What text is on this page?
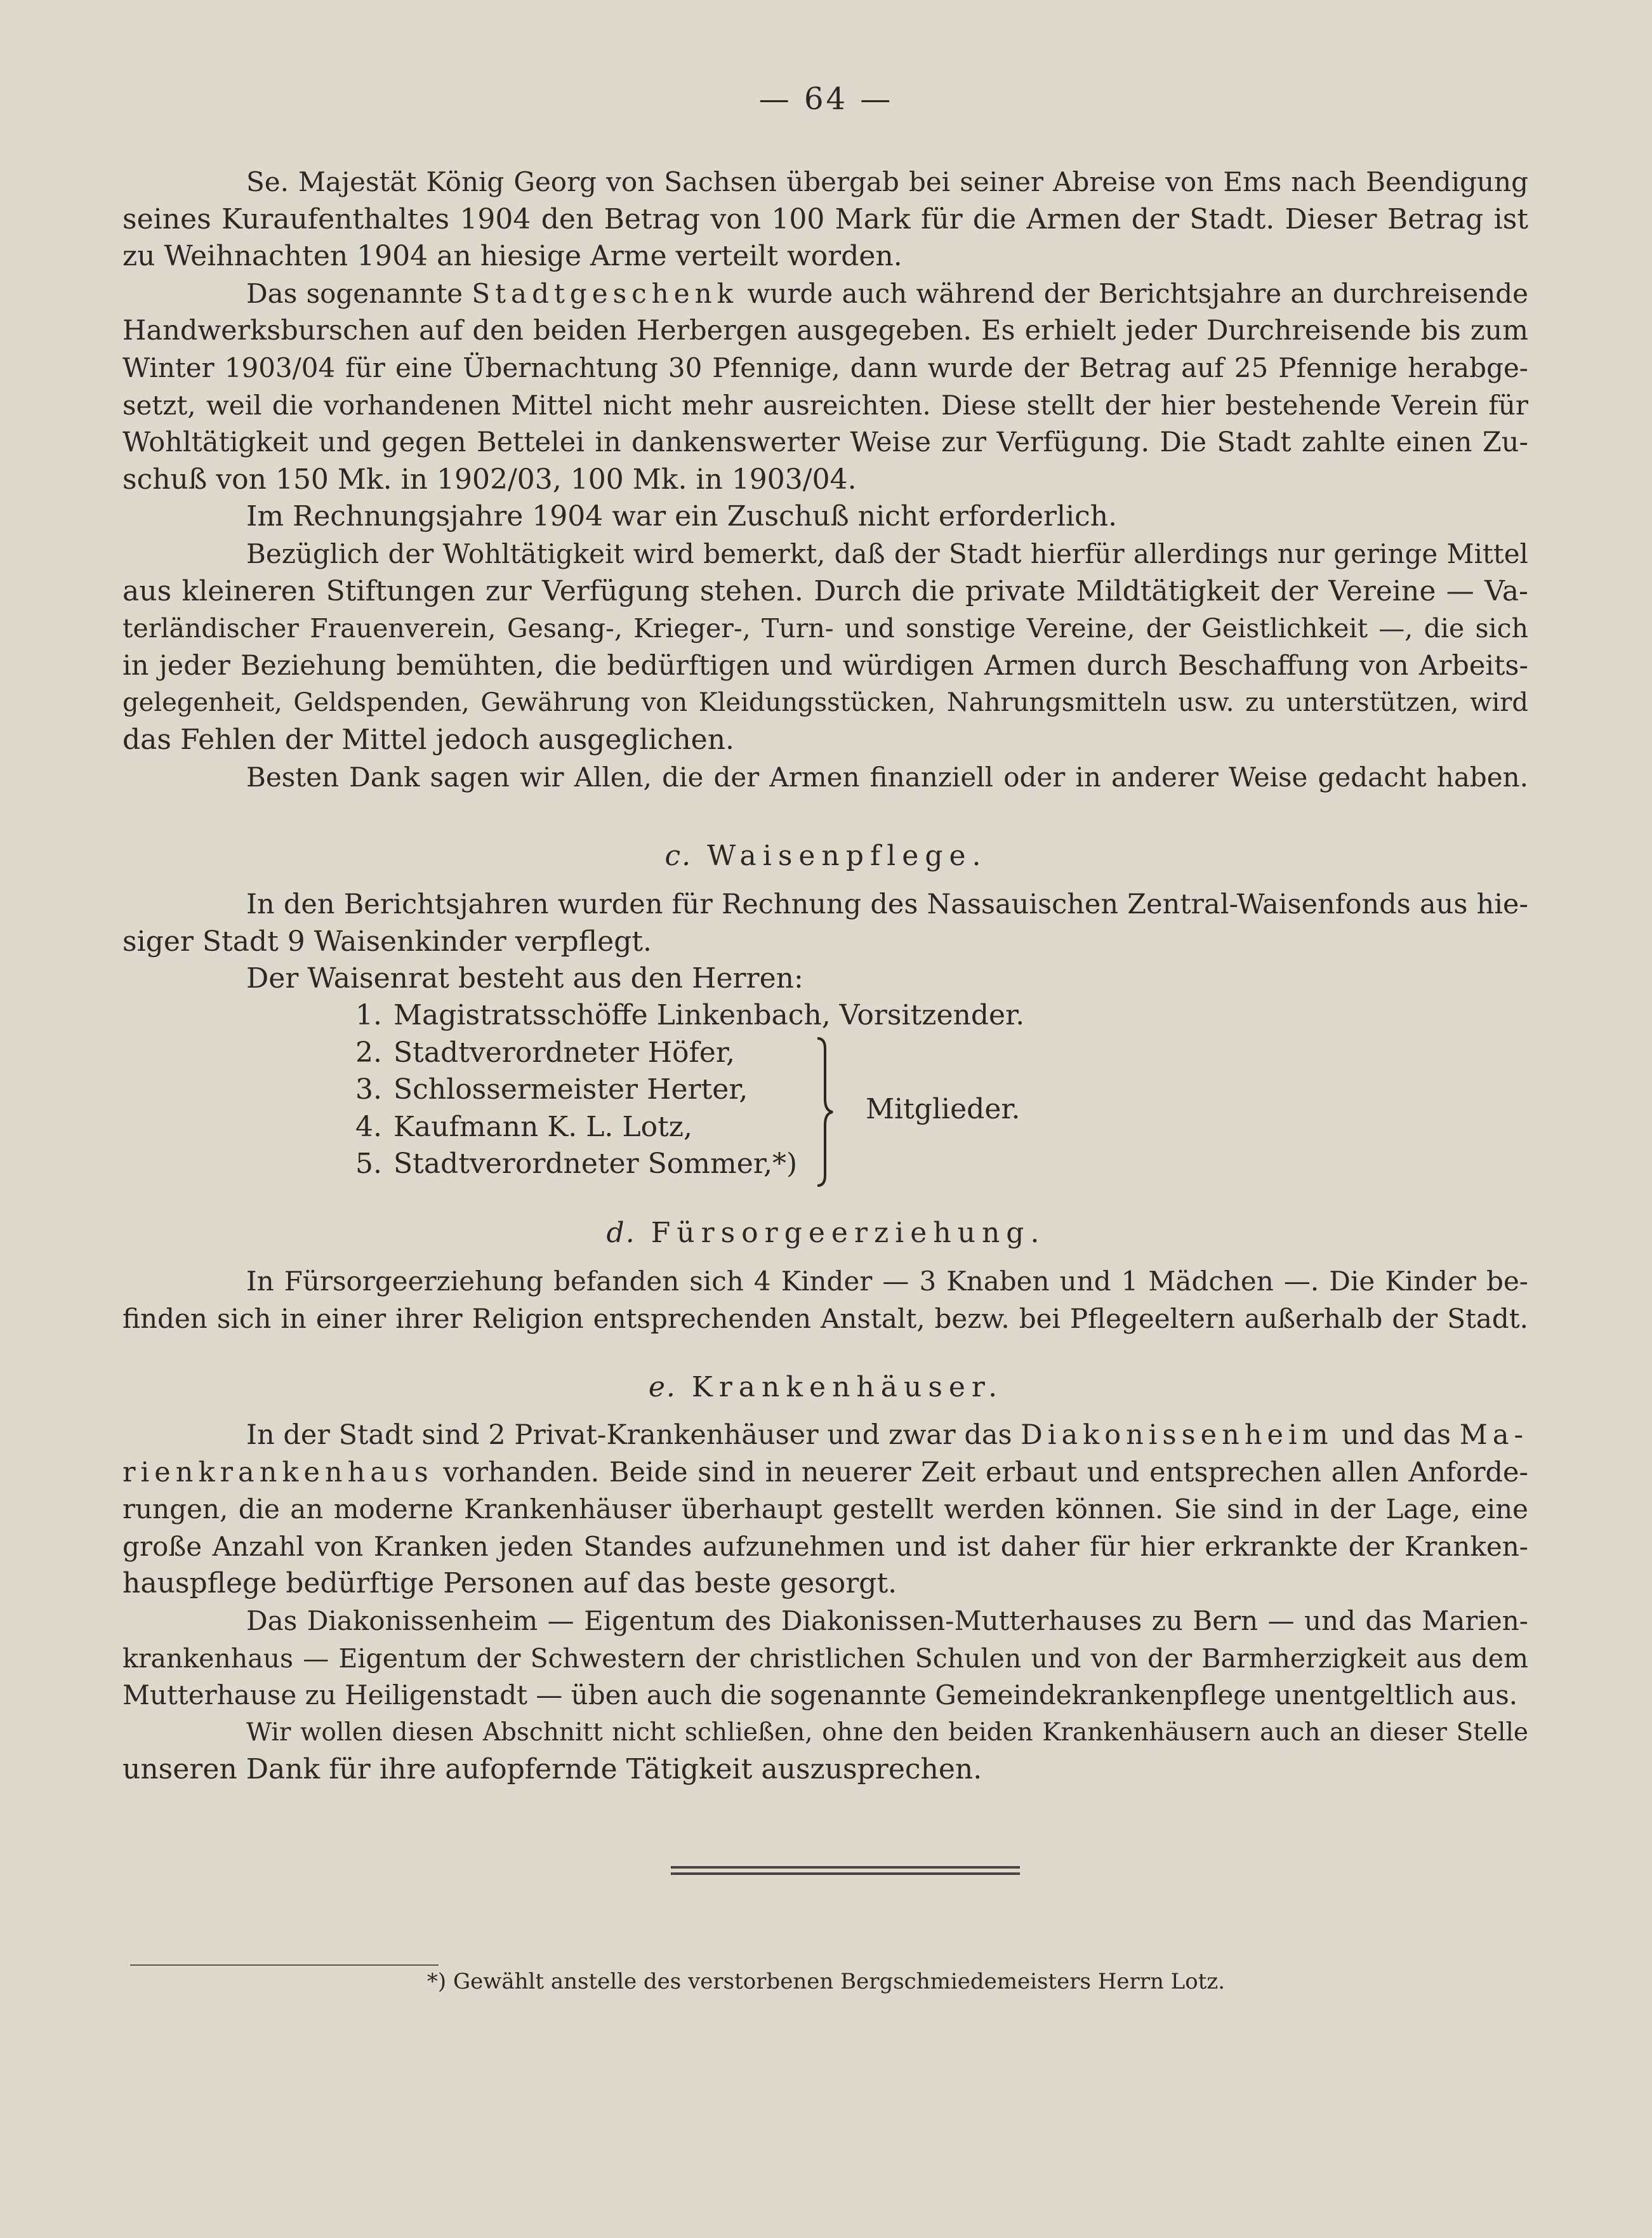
— 64 —
Se. Majestät König Georg von Sachsen übergab bei seiner Abreise von Ems nach Beendigung
seines Kuraufenthaltes 1904 den Betrag von 100 Mark für die Armen der Stadt. Dieser Betrag ist
zu Weihnachten 1904 an hiesige Arme verteilt worden.
Das sogenannte Stadtgeschenk wurde auch während der Berichtsjahre an durchreisende
Handwerksburschen auf den beiden Herbergen ausgegeben. Es erhielt jeder Durchreisende bis zum
Winter 1903/04 für eine Übernachtung 30 Pfennige, dann wurde der Betrag auf 25 Pfennige herabge-
setzt, weil die vorhandenen Mittel nicht mehr ausreichten. Diese stellt der hier bestehende Verein für
Wohltätigkeit und gegen Bettelei in dankenswerter Weise zur Verfügung. Die Stadt zahlte einen Zu-
schuß von 150 Mk. in 1902/03, 100 Mk. in 1903/04.
Im Rechnungsjahre 1904 war ein Zuschuß nicht erforderlich.
Bezüglich der Wohltätigkeit wird bemerkt, daß der Stadt hierfür allerdings nur geringe Mittel
aus kleineren Stiftungen zur Verfügung stehen. Durch die private Mildtätigkeit der Vereine — Va-
terländischer Frauenverein, Gesang-, Krieger-, Turn- und sonstige Vereine, der Geistlichkeit —, die sich
in jeder Beziehung bemühten, die bedürftigen und würdigen Armen durch Beschaffung von Arbeits-
gelegenheit, Geldspenden, Gewährung von Kleidungsstücken, Nahrungsmitteln usw. zu unterstützen, wird
das Fehlen der Mittel jedoch ausgeglichen.
Besten Dank sagen wir Allen, die der Armen finanziell oder in anderer Weise gedacht haben.
c. Waisenpflege.
In den Berichtsjahren wurden für Rechnung des Nassauischen Zentral-Waisenfonds aus hie-
siger Stadt 9 Waisenkinder verpflegt.
Der Waisenrat besteht aus den Herren:
1. Magistratsschöffe Linkenbach, Vorsitzender.
2. Stadtverordneter Höfer,
3. Schlossermeister Herter,
4. Kaufmann K. L. Lotz,
5. Stadtverordneter Sommer,*)
Mitglieder.
d. Fürsorgeerziehung.
In Fürsorgeerziehung befanden sich 4 Kinder — 3 Knaben und 1 Mädchen —. Die Kinder be-
finden sich in einer ihrer Religion entsprechenden Anstalt, bezw. bei Pflegeeltern außerhalb der Stadt.
e. Krankenhäuser.
In der Stadt sind 2 Privat-Krankenhäuser und zwar das Diakonissenheim und das Ma-
rienkrankenhaus vorhanden. Beide sind in neuerer Zeit erbaut und entsprechen allen Anforde-
rungen, die an moderne Krankenhäuser überhaupt gestellt werden können. Sie sind in der Lage, eine
große Anzahl von Kranken jeden Standes aufzunehmen und ist daher für hier erkrankte der Kranken-
hauspflege bedürftige Personen auf das beste gesorgt.
Das Diakonissenheim — Eigentum des Diakonissen-Mutterhauses zu Bern — und das Marien-
krankenhaus — Eigentum der Schwestern der christlichen Schulen und von der Barmherzigkeit aus dem
Mutterhause zu Heiligenstadt — üben auch die sogenannte Gemeindekrankenpflege unentgeltlich aus.
Wir wollen diesen Abschnitt nicht schließen, ohne den beiden Krankenhäusern auch an dieser Stelle
unseren Dank für ihre aufopfernde Tätigkeit auszusprechen.
*) Gewählt anstelle des verstorbenen Bergschmiedemeisters Herrn Lotz.
